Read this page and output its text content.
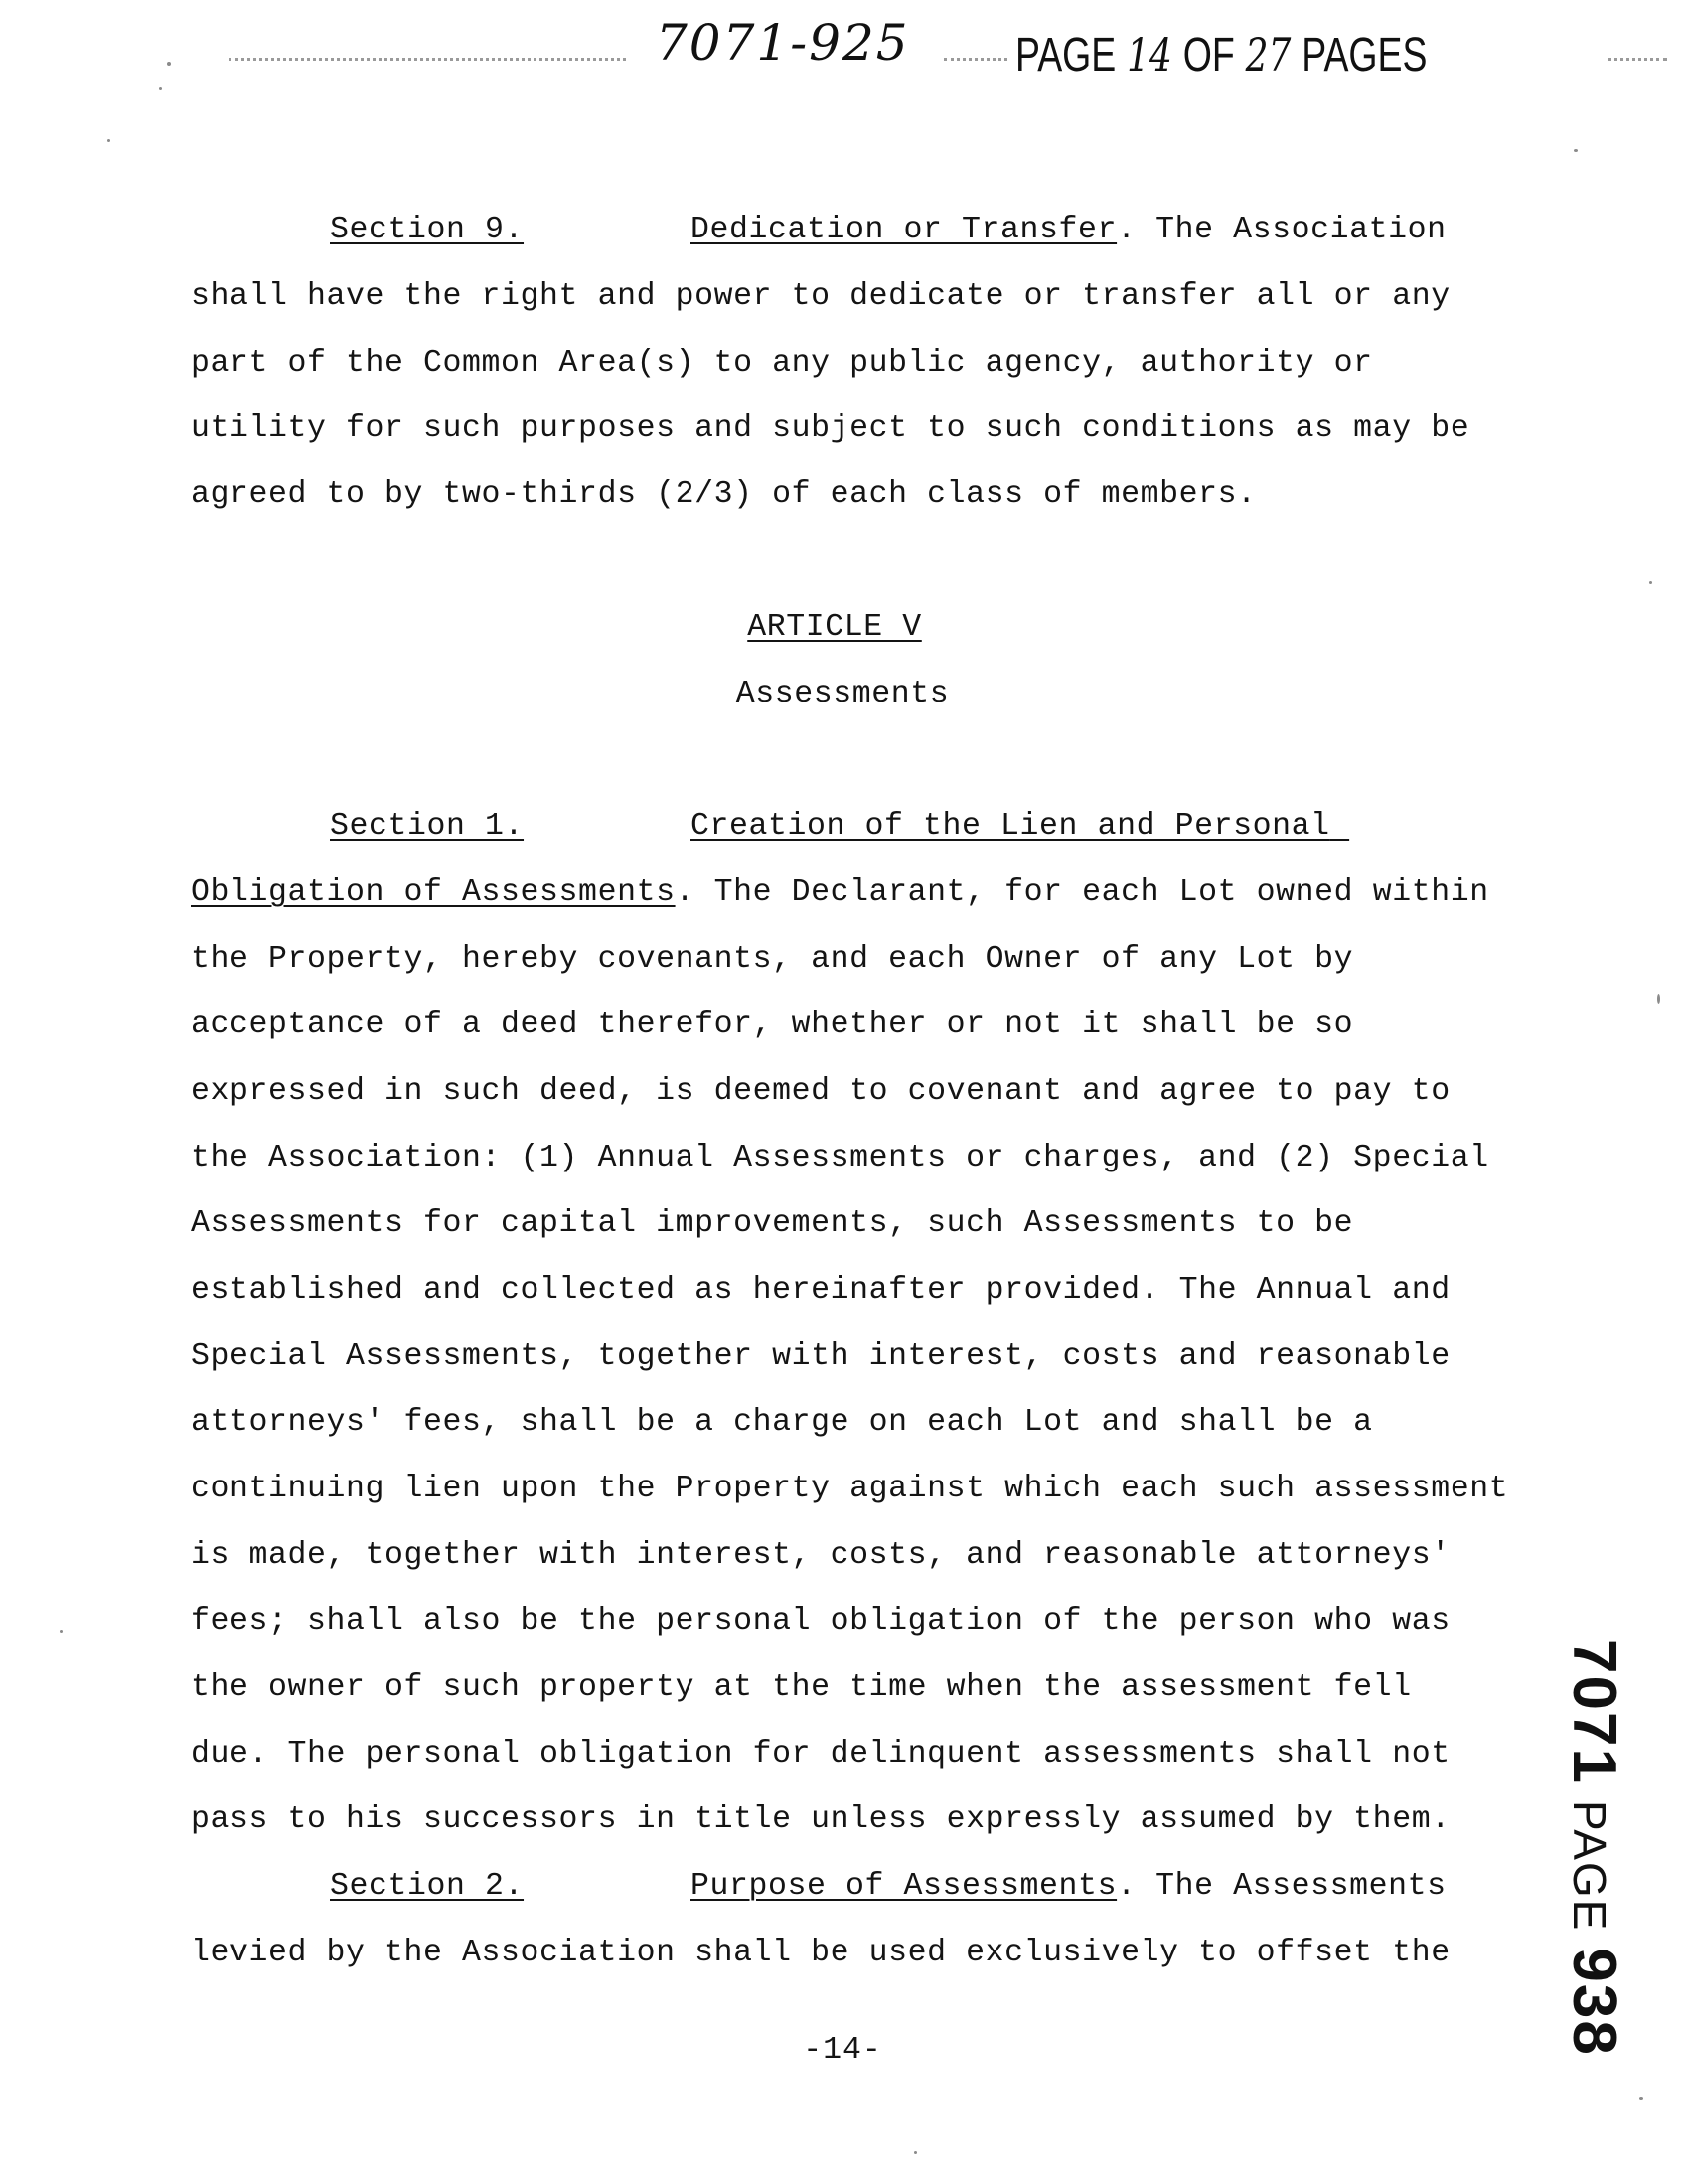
7071-925 PAGE 14 OF 27 PAGES
Section 9.	Dedication or Transfer. The Association
shall have the right and power to dedicate or transfer all or any
part of the Common Area(s) to any public agency, authority or
utility for such purposes and subject to such conditions as may be
agreed to by two-thirds (2/3) of each class of members.
ARTICLE V
Assessments
Section 1.	Creation of the Lien and Personal
Obligation of Assessments. The Declarant, for each Lot owned within
the Property, hereby covenants, and each Owner of any Lot by
acceptance of a deed therefor, whether or not it shall be so
expressed in such deed, is deemed to covenant and agree to pay to
the Association: (1) Annual Assessments or charges, and (2) Special
Assessments for capital improvements, such Assessments to be
established and collected as hereinafter provided. The Annual and
Special Assessments, together with interest, costs and reasonable
attorneys' fees, shall be a charge on each Lot and shall be a
continuing lien upon the Property against which each such assessment
is made, together with interest, costs, and reasonable attorneys'
fees; shall also be the personal obligation of the person who was
the owner of such property at the time when the assessment fell
due. The personal obligation for delinquent assessments shall not
pass to his successors in title unless expressly assumed by them.
Section 2.	Purpose of Assessments. The Assessments
levied by the Association shall be used exclusively to offset the
-14-
7071PAGE938
